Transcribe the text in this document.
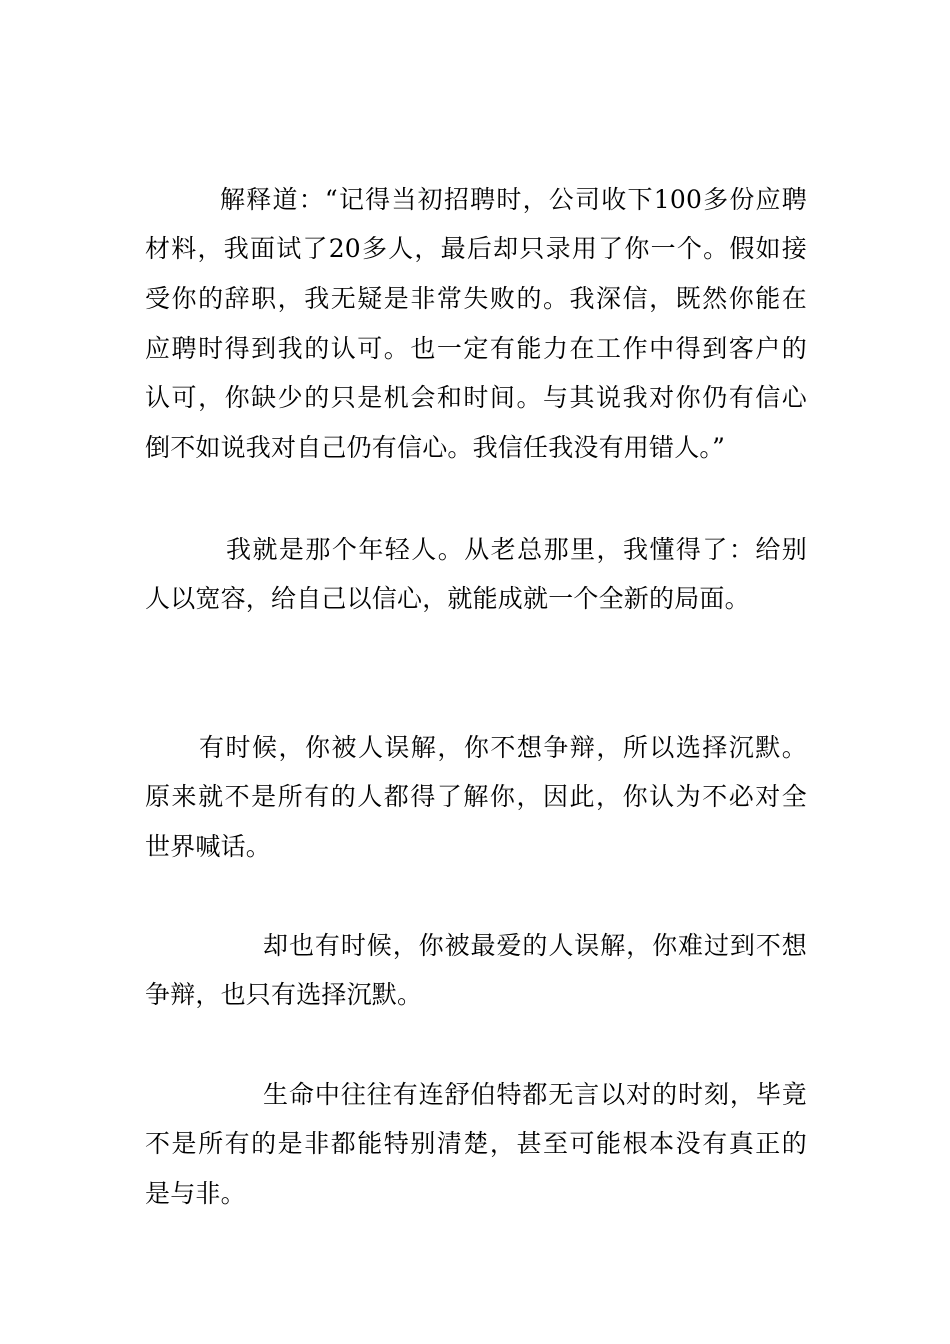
解释道：“记得当初招聘时，公司收下100多份应聘
材料，我面试了20多人，最后却只录用了你一个。假如接
受你的辞职，我无疑是非常失败的。我深信，既然你能在
应聘时得到我的认可。也一定有能力在工作中得到客户的
认可，你缺少的只是机会和时间。与其说我对你仍有信心
倒不如说我对自己仍有信心。我信任我没有用错人。”
我就是那个年轻人。从老总那里，我懂得了：给别
人以宽容，给自己以信心，就能成就一个全新的局面。
有时候，你被人误解，你不想争辩，所以选择沉默。
原来就不是所有的人都得了解你，因此，你认为不必对全
世界喊话。
却也有时候，你被最爱的人误解，你难过到不想
争辩，也只有选择沉默。
生命中往往有连舒伯特都无言以对的时刻，毕竟
不是所有的是非都能特别清楚，甚至可能根本没有真正的
是与非。
